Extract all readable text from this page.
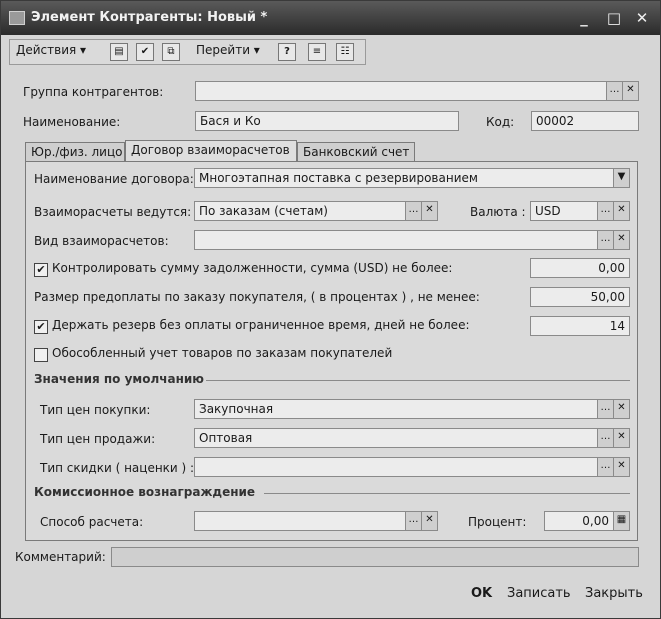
Элемент Контрагенты: Новый *	_	□ ✕
Действия ▾	▤	✔	⧉	Перейти ▾	?	≡	☷
Группа контрагентов:	… ✕
Наименование:	Бася и Ко	Код:	00002
Юр./физ. лицо Договор взаиморасчетов	Банковский счет
Наименование договора: Многоэтапная поставка с резервированием	▼
Взаиморасчеты ведутся: По заказам (счетам)	… ✕	Валюта : USD	… ✕
Вид взаиморасчетов:	… ✕
✔ Контролировать сумму задолженности, сумма (USD) не более:	0,00
Размер предоплаты по заказу покупателя, ( в процентах ) , не менее:	50,00
✔ Держать резерв без оплаты ограниченное время, дней не более:	14
Обособленный учет товаров по заказам покупателей
Значения по умолчанию
Тип цен покупки:	Закупочная	… ✕
Тип цен продажи:	Оптовая	… ✕
Тип скидки ( наценки ) :	… ✕
Комиссионное вознаграждение
Способ расчета:	… ✕	Процент:	0,00 ▦
Комментарий:
OK Записать Закрыть
